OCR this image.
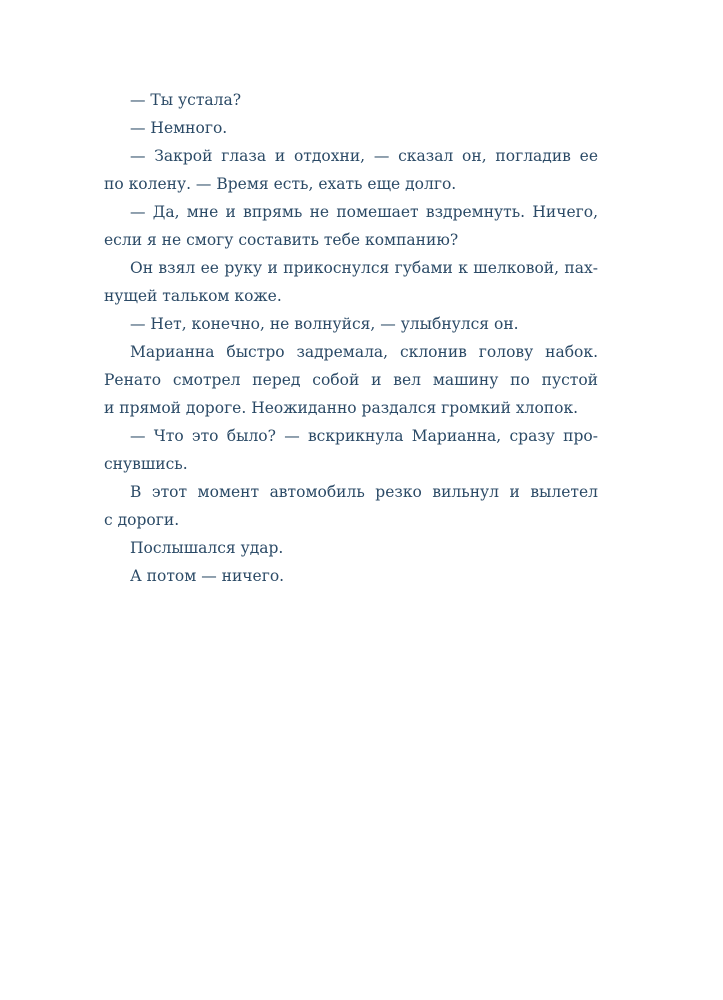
— Ты устала?
— Немного.
— Закрой глаза и отдохни, — сказал он, погладив ее
по колену. — Время есть, ехать еще долго.
— Да, мне и впрямь не помешает вздремнуть. Ничего,
если я не смогу составить тебе компанию?
Он взял ее руку и прикоснулся губами к шелковой, пах-
нущей тальком коже.
— Нет, конечно, не волнуйся, — улыбнулся он.
Марианна быстро задремала, склонив голову набок.
Ренато смотрел перед собой и вел машину по пустой
и прямой дороге. Неожиданно раздался громкий хлопок.
— Что это было? — вскрикнула Марианна, сразу про-
снувшись.
В этот момент автомобиль резко вильнул и вылетел
с дороги.
Послышался удар.
А потом — ничего.
